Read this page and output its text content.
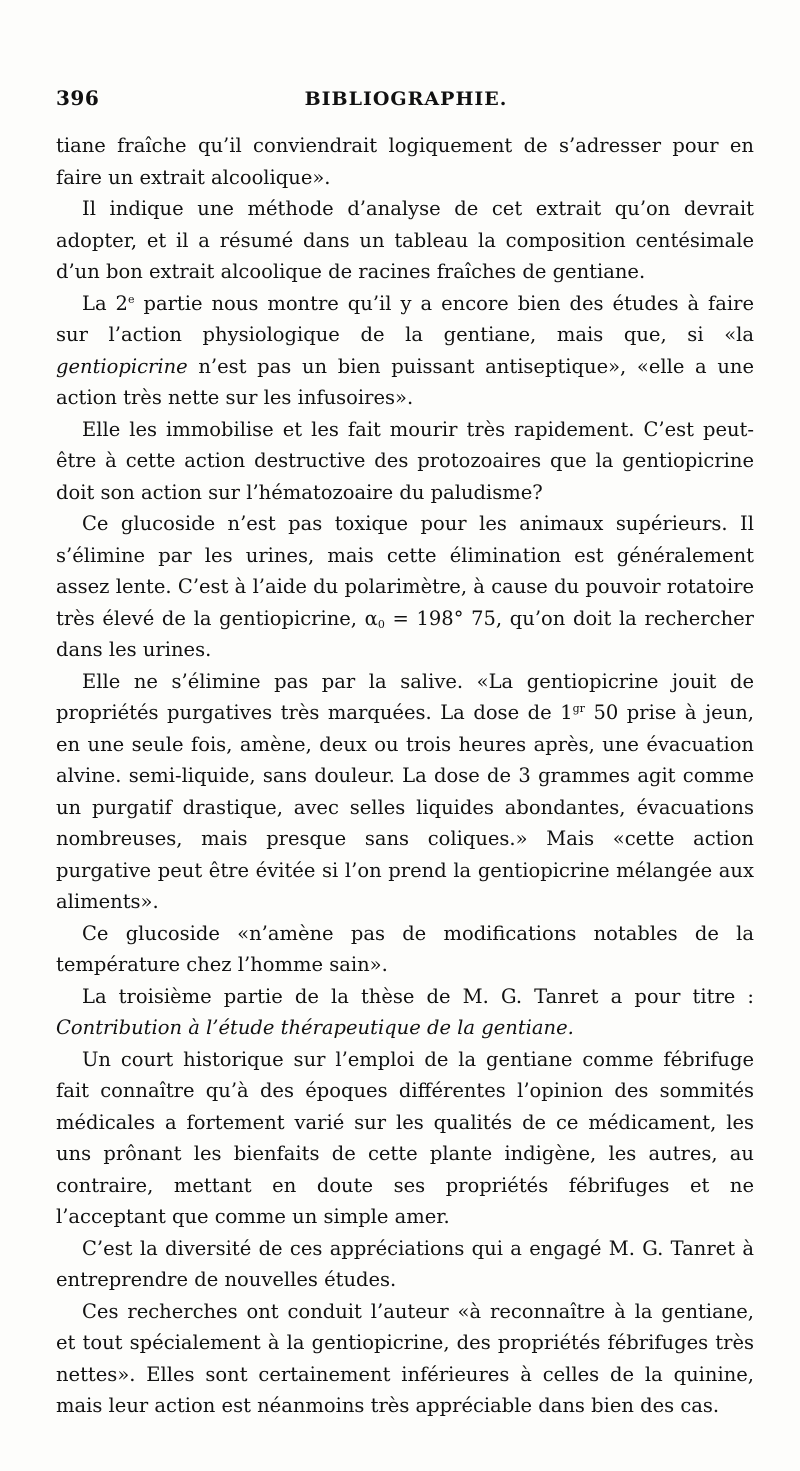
396	BIBLIOGRAPHIE.

tiane fraîche qu’il conviendrait logiquement de s’adresser pour en faire un extrait alcoolique».

Il indique une méthode d’analyse de cet extrait qu’on devrait adopter, et il a résumé dans un tableau la composition centésimale d’un bon extrait alcoolique de racines fraîches de gentiane.

La 2e partie nous montre qu’il y a encore bien des études à faire sur l’action physiologique de la gentiane, mais que, si «la gentiopicrine n’est pas un bien puissant antiseptique», «elle a une action très nette sur les infusoires».

Elle les immobilise et les fait mourir très rapidement. C’est peut-être à cette action destructive des protozoaires que la gentiopicrine doit son action sur l’hématozoaire du paludisme?

Ce glucoside n’est pas toxique pour les animaux supérieurs. Il s’élimine par les urines, mais cette élimination est généralement assez lente. C’est à l’aide du polarimètre, à cause du pouvoir rotatoire très élevé de la gentiopicrine, $\alpha_0 = 198^\circ$ 75, qu’on doit la rechercher dans les urines.

Elle ne s’élimine pas par la salive. «La gentiopicrine jouit de propriétés purgatives très marquées. La dose de $1^{gr}$ 50 prise à jeun, en une seule fois, amène, deux ou trois heures après, une évacuation alvine. semi-liquide, sans douleur. La dose de 3 grammes agit comme un purgatif drastique, avec selles liquides abondantes, évacuations nombreuses, mais presque sans coliques.» Mais «cette action purgative peut être évitée si l’on prend la gentiopicrine mélangée aux aliments».

Ce glucoside «n’amène pas de modifications notables de la température chez l’homme sain».

La troisième partie de la thèse de M. G. Tanret a pour titre : Contribution à l’étude thérapeutique de la gentiane.

Un court historique sur l’emploi de la gentiane comme fébrifuge fait connaître qu’à des époques différentes l’opinion des sommités médicales a fortement varié sur les qualités de ce médicament, les uns prônant les bienfaits de cette plante indigène, les autres, au contraire, mettant en doute ses propriétés fébrifuges et ne l’acceptant que comme un simple amer.

C’est la diversité de ces appréciations qui a engagé M. G. Tanret à entreprendre de nouvelles études.

Ces recherches ont conduit l’auteur «à reconnaître à la gentiane, et tout spécialement à la gentiopicrine, des propriétés fébrifuges très nettes». Elles sont certainement inférieures à celles de la quinine, mais leur action est néanmoins très appréciable dans bien des cas.
